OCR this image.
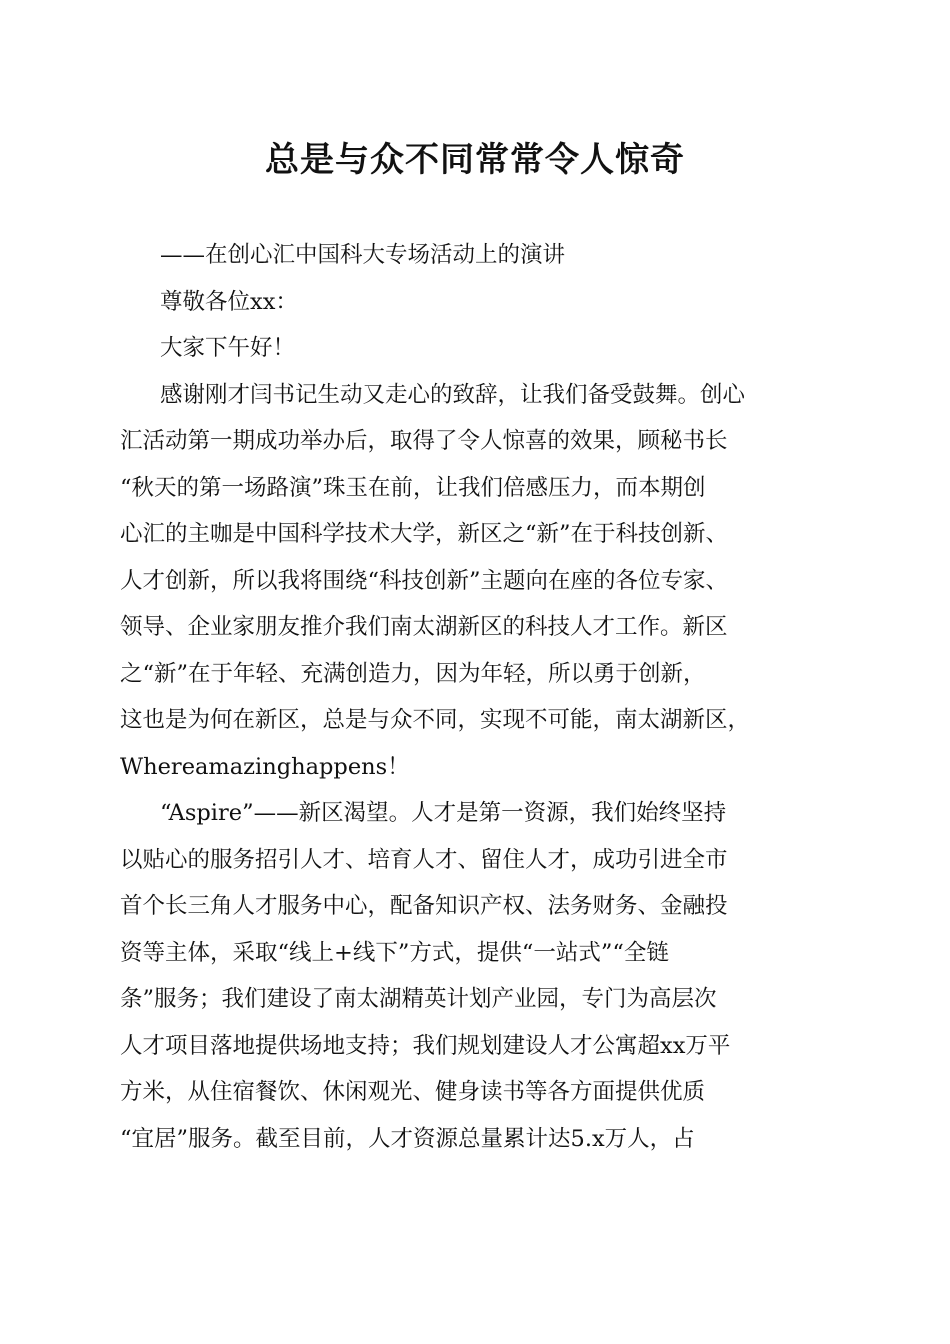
总是与众不同常常令人惊奇
——在创心汇中国科大专场活动上的演讲
尊敬各位xx：
大家下午好！
感谢刚才闫书记生动又走心的致辞，让我们备受鼓舞。创心
汇活动第一期成功举办后，取得了令人惊喜的效果，顾秘书长
“秋天的第一场路演”珠玉在前，让我们倍感压力，而本期创
心汇的主咖是中国科学技术大学，新区之“新”在于科技创新、
人才创新，所以我将围绕“科技创新”主题向在座的各位专家、
领导、企业家朋友推介我们南太湖新区的科技人才工作。新区
之“新”在于年轻、充满创造力，因为年轻，所以勇于创新，
这也是为何在新区，总是与众不同，实现不可能，南太湖新区，
Whereamazinghappens！
“Aspire”——新区渴望。人才是第一资源，我们始终坚持
以贴心的服务招引人才、培育人才、留住人才，成功引进全市
首个长三角人才服务中心，配备知识产权、法务财务、金融投
资等主体，采取“线上+线下”方式，提供“一站式”“全链
条”服务；我们建设了南太湖精英计划产业园，专门为高层次
人才项目落地提供场地支持；我们规划建设人才公寓超xx万平
方米，从住宿餐饮、休闲观光、健身读书等各方面提供优质
“宜居”服务。截至目前，人才资源总量累计达5.x万人，占
